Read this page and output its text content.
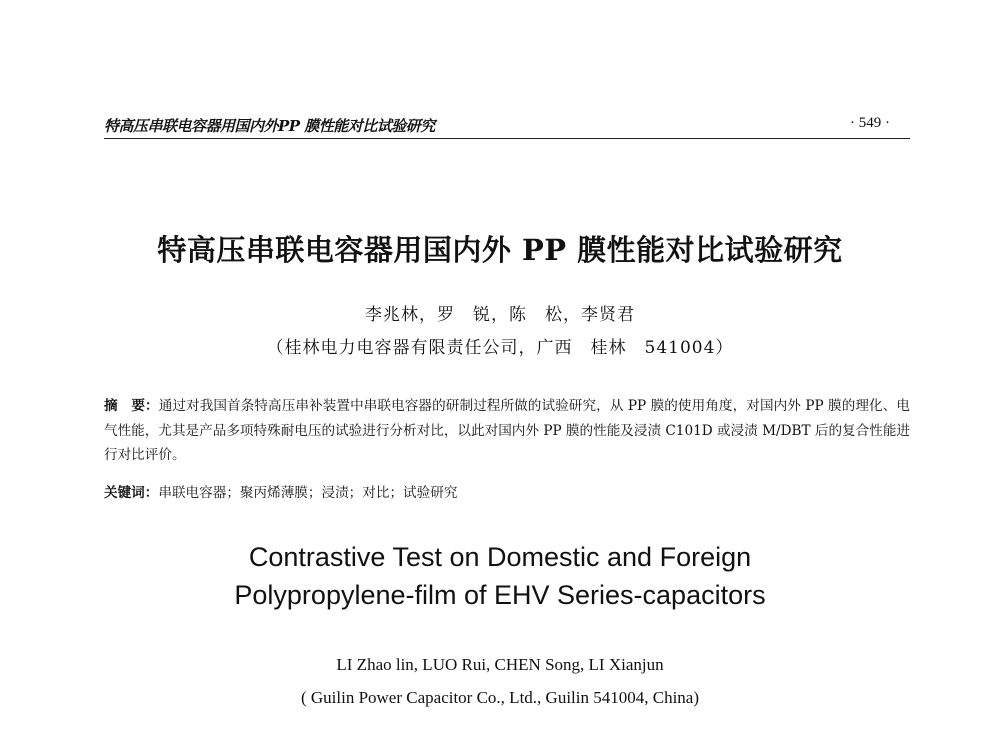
特高压串联电容器用国内外PP 膜性能对比试验研究	· 549 ·
特高压串联电容器用国内外 PP 膜性能对比试验研究
李兆林，罗　锐，陈　松，李贤君
（桂林电力电容器有限责任公司，广西　桂林　541004）
摘　要：通过对我国首条特高压串补装置中串联电容器的研制过程所做的试验研究，从 PP 膜的使用角度，对国内外 PP 膜的理化、电气性能，尤其是产品多项特殊耐电压的试验进行分析对比，以此对国内外 PP 膜的性能及浸渍 C101D 或浸渍 M/DBT 后的复合性能进行对比评价。
关键词：串联电容器；聚丙烯薄膜；浸渍；对比；试验研究
Contrastive Test on Domestic and Foreign
Polypropylene-film of EHV Series-capacitors
LI Zhao lin, LUO Rui, CHEN Song, LI Xianjun
( Guilin Power Capacitor Co., Ltd., Guilin 541004, China)
